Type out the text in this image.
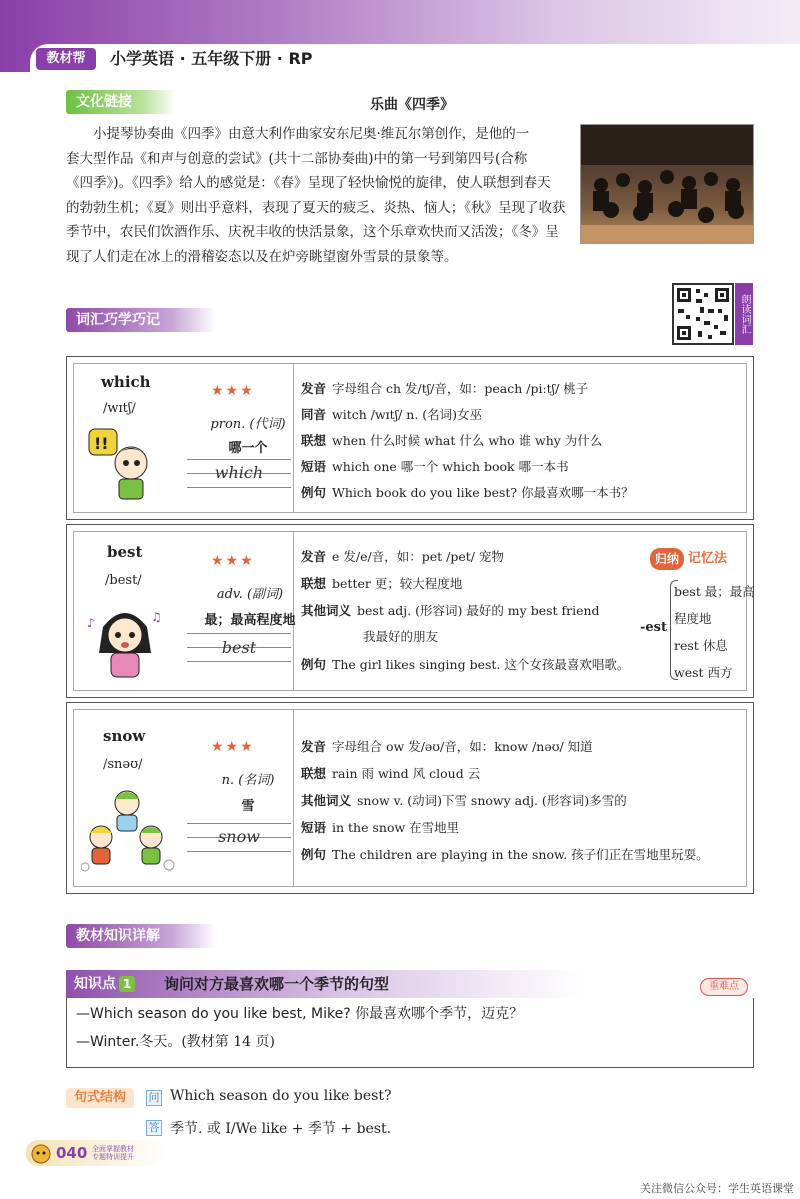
教材帮	小学英语 · 五年级下册 · RP
文化链接	乐曲《四季》
小提琴协奏曲《四季》由意大利作曲家安东尼奥·维瓦尔第创作，是他的一
套大型作品《和声与创意的尝试》(共十二部协奏曲)中的第一号到第四号(合称
《四季》)。《四季》给人的感觉是：《春》呈现了轻快愉悦的旋律，使人联想到春天
的勃勃生机；《夏》则出乎意料，表现了夏天的疲乏、炎热、恼人；《秋》呈现了收获
季节中，农民们饮酒作乐、庆祝丰收的快活景象，这个乐章欢快而又活泼；《冬》呈
现了人们走在冰上的滑稽姿态以及在炉旁眺望窗外雪景的景象等。
词汇巧学巧记	朗读词汇
which
/wɪtʃ/
★★★
pron. (代词)
哪一个
which
!!
发音 字母组合 ch 发/tʃ/音，如：peach /piːtʃ/ 桃子
同音 witch /wɪtʃ/ n. (名词)女巫
联想 when 什么时候 what 什么 who 谁 why 为什么
短语 which one 哪一个 which book 哪一本书
例句 Which book do you like best? 你最喜欢哪一本书？
best
/best/
★★★
adv. (副词)
最；最高程度地
best
♪	♫
发音 e 发/e/音，如：pet /pet/ 宠物
联想 better 更；较大程度地
其他词义 best adj. (形容词) 最好的 my best friend
我最好的朋友
例句 The girl likes singing best. 这个女孩最喜欢唱歌。
归纳 记忆法
-est
best 最；最高
程度地
rest 休息
west 西方
snow
/snəʊ/
★★★
n. (名词)
雪
snow
发音 字母组合 ow 发/əʊ/音，如：know /nəʊ/ 知道
联想 rain 雨 wind 风 cloud 云
其他词义 snow v. (动词)下雪 snowy adj. (形容词)多雪的
短语 in the snow 在雪地里
例句 The children are playing in the snow. 孩子们正在雪地里玩耍。
教材知识详解
知识点 1	询问对方最喜欢哪一个季节的句型	重难点
—Which season do you like best, Mike? 你最喜欢哪个季节，迈克？
—Winter.冬天。(教材第 14 页)
句式结构	问 Which season do you like best?
答 季节. 或 I/We like + 季节 + best.
040 全面掌握教材
专题特训提升
关注微信公众号：学生英语课堂
